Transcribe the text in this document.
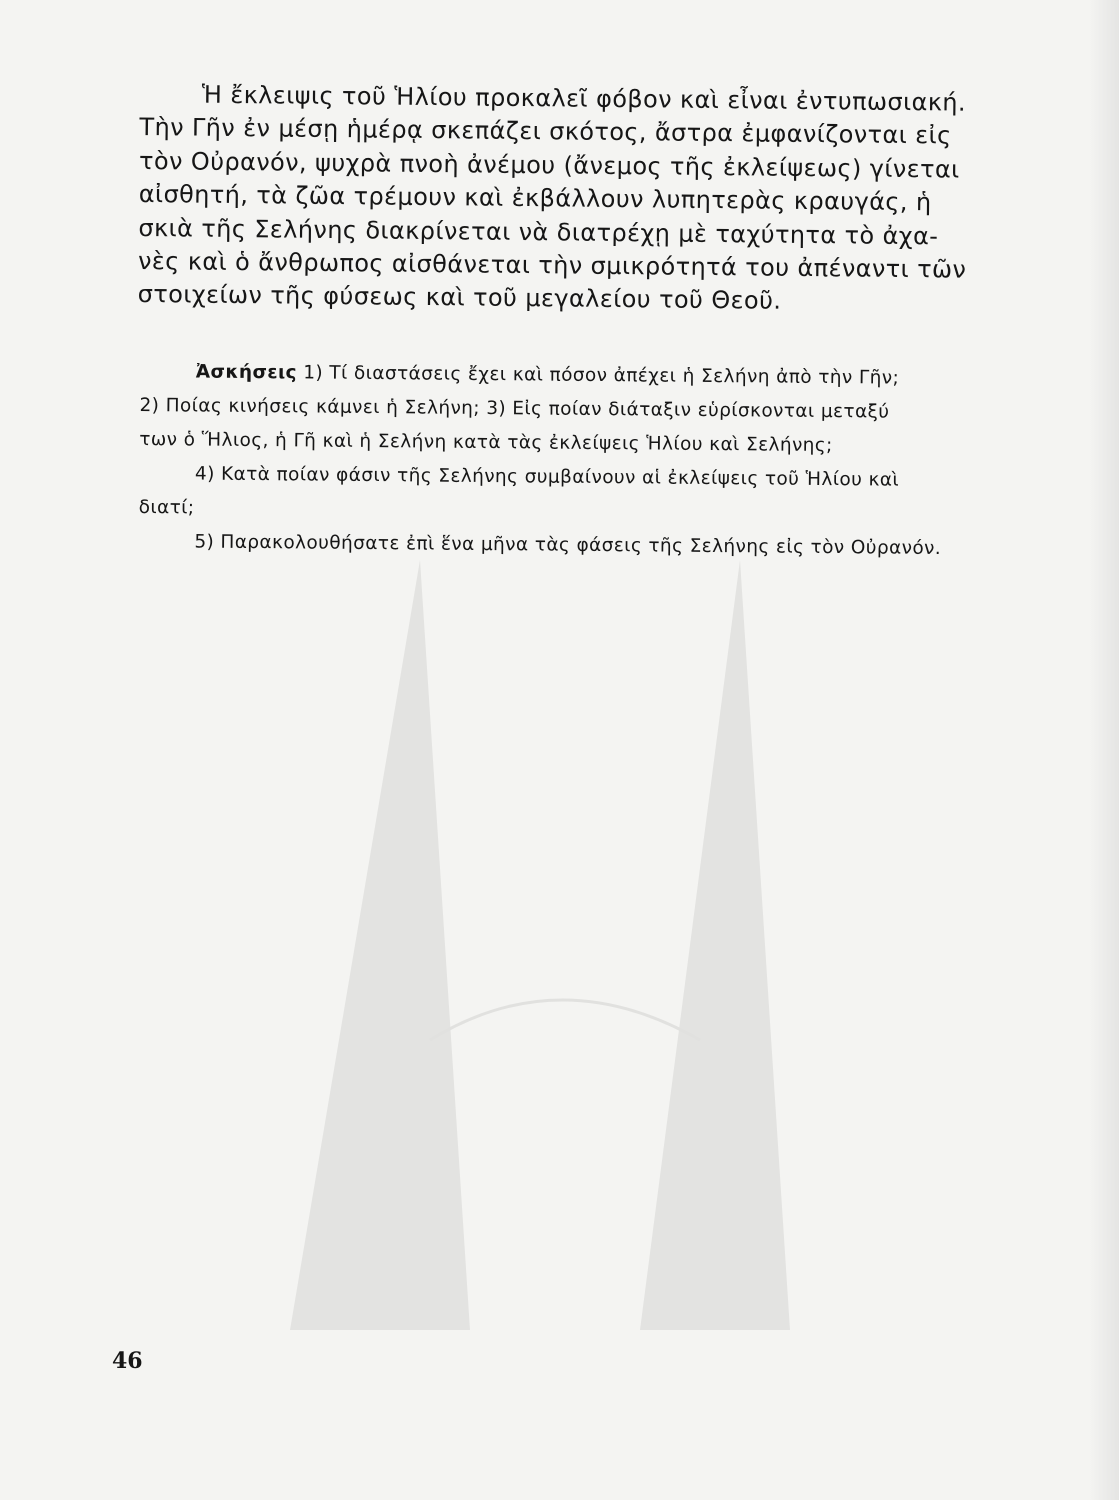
Ἡ ἔκλειψις τοῦ Ἡλίου προκαλεῖ φόβον καὶ εἶναι ἐντυπωσιακή.
Τὴν Γῆν ἐν μέσῃ ἡμέρᾳ σκεπάζει σκότος, ἄστρα ἐμφανίζονται εἰς
τὸν Οὐρανόν, ψυχρὰ πνοὴ ἀνέμου (ἄνεμος τῆς ἐκλείψεως) γίνεται
αἰσθητή, τὰ ζῶα τρέμουν καὶ ἐκβάλλουν λυπητερὰς κραυγάς, ἡ
σκιὰ τῆς Σελήνης διακρίνεται νὰ διατρέχῃ μὲ ταχύτητα τὸ ἀχα-
νὲς καὶ ὁ ἄνθρωπος αἰσθάνεται τὴν σμικρότητά του ἀπέναντι τῶν
στοιχείων τῆς φύσεως καὶ τοῦ μεγαλείου τοῦ Θεοῦ.
Ἀσκήσεις 1) Τί διαστάσεις ἔχει καὶ πόσον ἀπέχει ἡ Σελήνη ἀπὸ τὴν Γῆν;
2) Ποίας κινήσεις κάμνει ἡ Σελήνη; 3) Εἰς ποίαν διάταξιν εὑρίσκονται μεταξύ
των ὁ Ἥλιος, ἡ Γῆ καὶ ἡ Σελήνη κατὰ τὰς ἐκλείψεις Ἡλίου καὶ Σελήνης;
4) Κατὰ ποίαν φάσιν τῆς Σελήνης συμβαίνουν αἱ ἐκλείψεις τοῦ Ἡλίου καὶ
διατί;
5) Παρακολουθήσατε ἐπὶ ἕνα μῆνα τὰς φάσεις τῆς Σελήνης εἰς τὸν Οὐρανόν.
46
